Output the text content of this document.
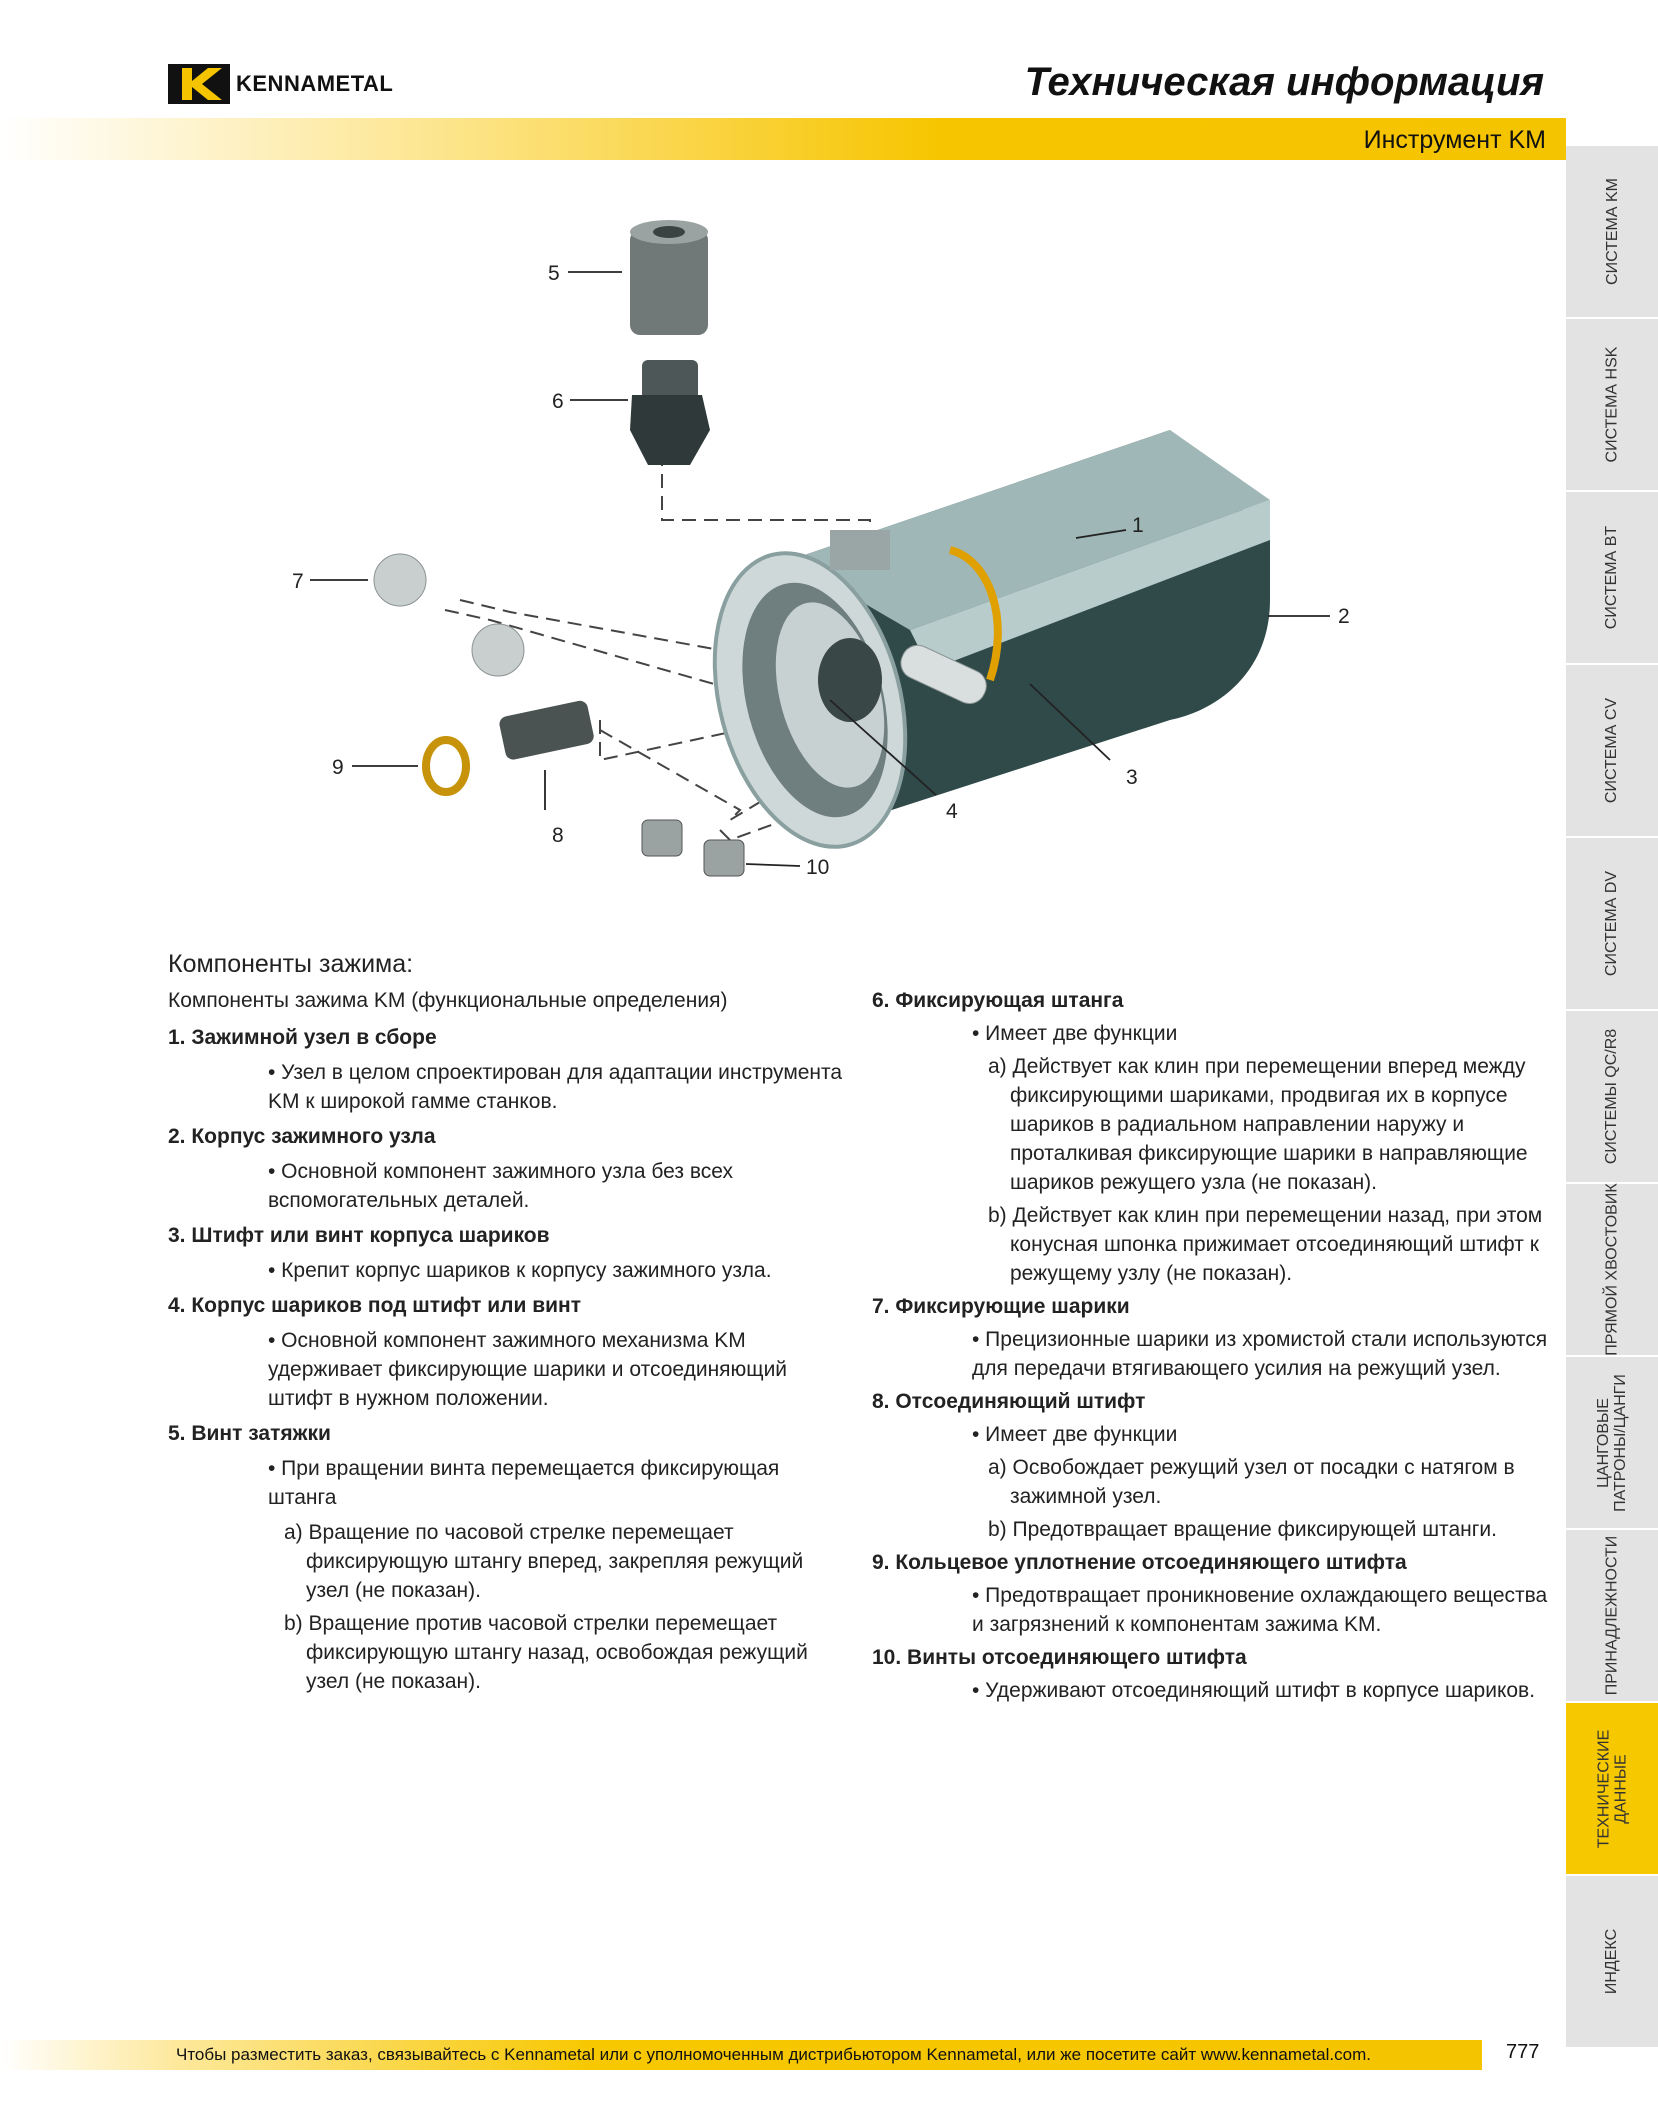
KENNAMETAL	Техническая информация
Инструмент KM
СИСТЕМА KM
СИСТЕМА HSK
СИСТЕМА BT
СИСТЕМА CV
СИСТЕМА DV
СИСТЕМЫ QC/R8
ПРЯМОЙ ХВОСТОВИК
ЦАНГОВЫЕ
ПАТРОНЫ/ЦАНГИ
ПРИНАДЛЕЖНОСТИ
ТЕХНИЧЕСКИЕ
ДАННЫЕ
ИНДЕКС
5
6
7
1
2
3
4
9
8
10
Компоненты зажима:

Компоненты зажима KM (функциональные определения)

1. Зажимной узел в сборе

• Узел в целом спроектирован для адаптации инструмента KM к широкой гамме станков.

2. Корпус зажимного узла

• Основной компонент зажимного узла без всех вспомогательных деталей.

3. Штифт или винт корпуса шариков

• Крепит корпус шариков к корпусу зажимного узла.

4. Корпус шариков под штифт или винт

• Основной компонент зажимного механизма KM удерживает фиксирующие шарики и отсоединяющий штифт в нужном положении.

5. Винт затяжки

• При вращении винта перемещается фиксирующая штанга

a) Вращение по часовой стрелке перемещает фиксирующую штангу вперед, закрепляя режущий узел (не показан).

b) Вращение против часовой стрелки перемещает фиксирующую штангу назад, освобождая режущий узел (не показан).

6. Фиксирующая штанга

• Имеет две функции

a) Действует как клин при перемещении вперед между фиксирующими шариками, продвигая их в корпусе шариков в радиальном направлении наружу и проталкивая фиксирующие шарики в направляющие шариков режущего узла (не показан).

b) Действует как клин при перемещении назад, при этом конусная шпонка прижимает отсоединяющий штифт к режущему узлу (не показан).

7. Фиксирующие шарики

• Прецизионные шарики из хромистой стали используются для передачи втягивающего усилия на режущий узел.

8. Отсоединяющий штифт

• Имеет две функции

a) Освобождает режущий узел от посадки с натягом в зажимной узел.

b) Предотвращает вращение фиксирующей штанги.

9. Кольцевое уплотнение отсоединяющего штифта

• Предотвращает проникновение охлаждающего вещества и загрязнений к компонентам зажима KM.

10. Винты отсоединяющего штифта

• Удерживают отсоединяющий штифт в корпусе шариков.

Чтобы разместить заказ, связывайтесь с Kennametal или с уполномоченным дистрибьютором Kennametal, или же посетите сайт www.kennametal.com.	777
